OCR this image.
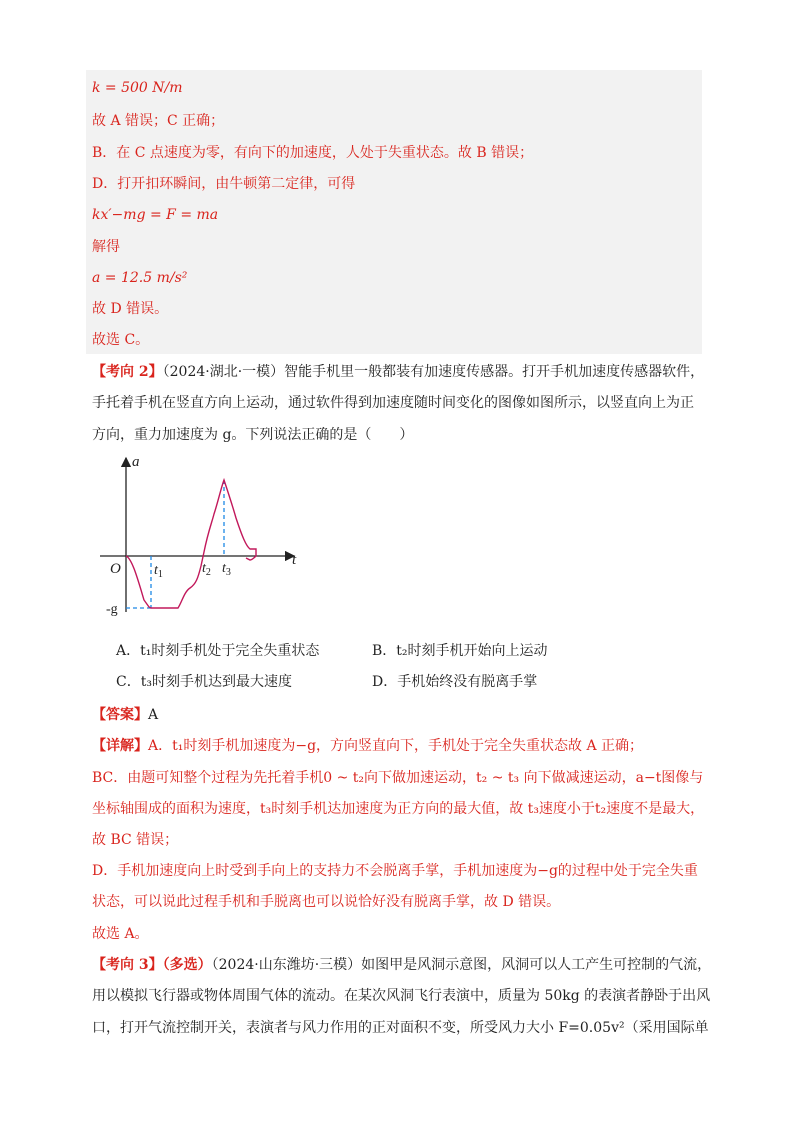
k = 500 N/m
故 A 错误；C 正确；
B．在 C 点速度为零，有向下的加速度，人处于失重状态。故 B 错误；
D．打开扣环瞬间，由牛顿第二定律，可得
kx′−mg = F = ma
解得
a = 12.5 m/s²
故 D 错误。
故选 C。
【考向 2】（2024·湖北·一模）智能手机里一般都装有加速度传感器。打开手机加速度传感器软件，
手托着手机在竖直方向上运动，通过软件得到加速度随时间变化的图像如图所示，以竖直向上为正
方向，重力加速度为 g。下列说法正确的是（　　）
a
t
O
-g
$t_1$	$t_2$ $t_3$
A．t₁时刻手机处于完全失重状态	B．t₂时刻手机开始向上运动
C．t₃时刻手机达到最大速度	D．手机始终没有脱离手掌
【答案】A
【详解】A．t₁时刻手机加速度为−g，方向竖直向下，手机处于完全失重状态故 A 正确；
BC．由题可知整个过程为先托着手机0 ~ t₂向下做加速运动，t₂ ~ t₃ 向下做减速运动，a−t图像与
坐标轴围成的面积为速度，t₃时刻手机达加速度为正方向的最大值，故 t₃速度小于t₂速度不是最大，
故 BC 错误；
D．手机加速度向上时受到手向上的支持力不会脱离手掌，手机加速度为−g的过程中处于完全失重
状态，可以说此过程手机和手脱离也可以说恰好没有脱离手掌，故 D 错误。
故选 A。
【考向 3】（多选）（2024·山东潍坊·三模）如图甲是风洞示意图，风洞可以人工产生可控制的气流，
用以模拟飞行器或物体周围气体的流动。在某次风洞飞行表演中，质量为 50kg 的表演者静卧于出风
口，打开气流控制开关，表演者与风力作用的正对面积不变，所受风力大小 F=0.05v²（采用国际单
